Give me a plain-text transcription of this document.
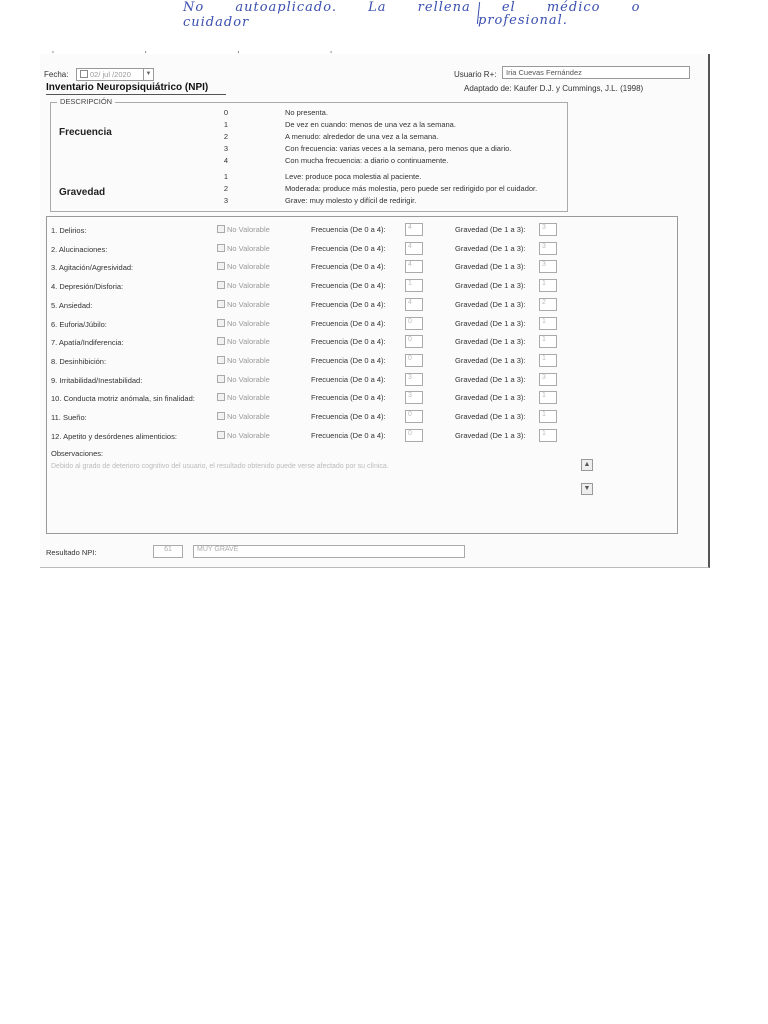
No autoaplicado. La rellena el médico o cuidador	profesional.
' ' ' '
Fecha:	02/ jul /2020	▼	Usuario R+:	Iria Cuevas Fernández
Inventario Neuropsiquiátrico (NPI)	Adaptado de: Kaufer D.J. y Cummings, J.L. (1998)
DESCRIPCIÓN
Frecuencia
Gravedad
0	No presenta.
1	De vez en cuando: menos de una vez a la semana.
2	A menudo: alrededor de una vez a la semana.
3	Con frecuencia: varias veces a la semana, pero menos que a diario.
4	Con mucha frecuencia: a diario o continuamente.
1	Leve: produce poca molestia al paciente.
2	Moderada: produce más molestia, pero puede ser redirigido por el cuidador.
3	Grave: muy molesto y difícil de redirigir.
1. Delirios:	No Valorable	Frecuencia (De 0 a 4):	4	Gravedad (De 1 a 3):	3
2. Alucinaciones:	No Valorable	Frecuencia (De 0 a 4):	4	Gravedad (De 1 a 3):	3
3. Agitación/Agresividad:	No Valorable	Frecuencia (De 0 a 4):	4	Gravedad (De 1 a 3):	3
4. Depresión/Disforia:	No Valorable	Frecuencia (De 0 a 4):	1	Gravedad (De 1 a 3):	1
5. Ansiedad:	No Valorable	Frecuencia (De 0 a 4):	4	Gravedad (De 1 a 3):	2
6. Euforia/Júbilo:	No Valorable	Frecuencia (De 0 a 4):	0	Gravedad (De 1 a 3):	1
7. Apatía/Indiferencia:	No Valorable	Frecuencia (De 0 a 4):	0	Gravedad (De 1 a 3):	1
8. Desinhibición:	No Valorable	Frecuencia (De 0 a 4):	0	Gravedad (De 1 a 3):	1
9. Irritabilidad/Inestabilidad:	No Valorable	Frecuencia (De 0 a 4):	3	Gravedad (De 1 a 3):	3
10. Conducta motriz anómala, sin finalidad:	No Valorable	Frecuencia (De 0 a 4):	3	Gravedad (De 1 a 3):	1
11. Sueño:	No Valorable	Frecuencia (De 0 a 4):	0	Gravedad (De 1 a 3):	1
12. Apetito y desórdenes alimenticios:	No Valorable	Frecuencia (De 0 a 4):	0	Gravedad (De 1 a 3):	1
Observaciones:
Debido al grado de deterioro cognitivo del usuario, el resultado obtenido puede verse afectado por su clínica.	▲
▼
Resultado NPI:	61	MUY GRAVE
